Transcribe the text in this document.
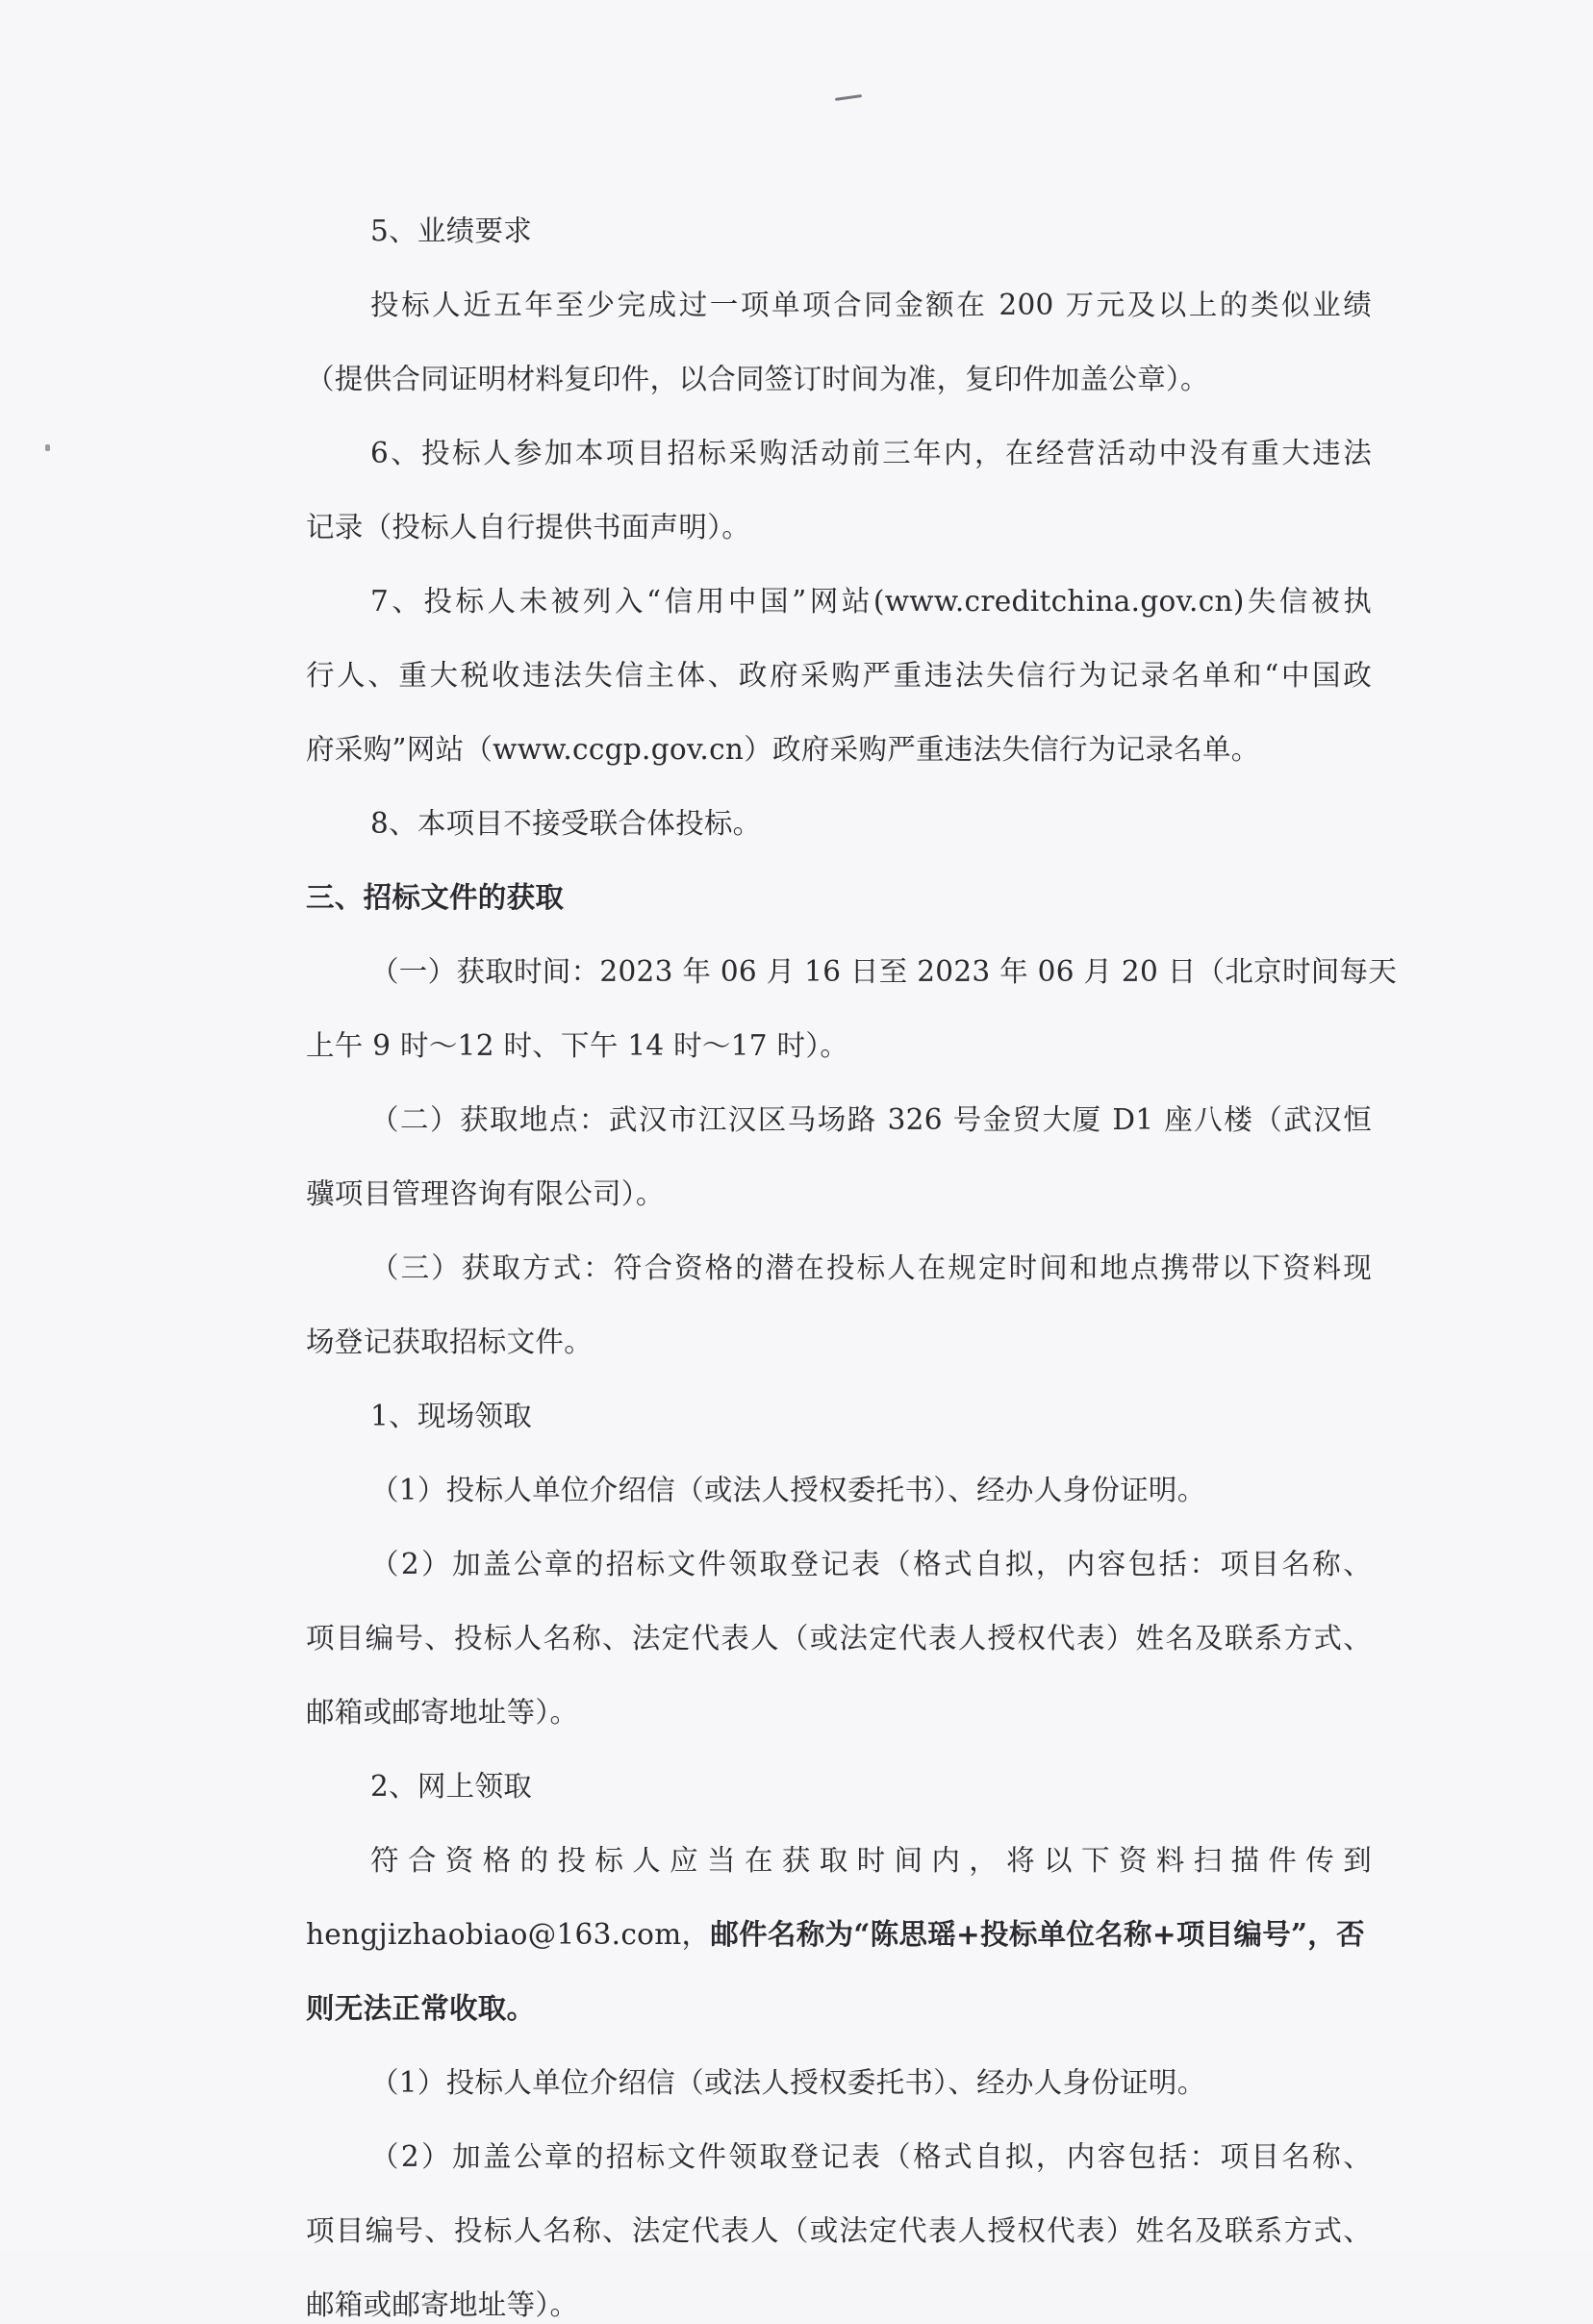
5、业绩要求
投标人近五年至少完成过一项单项合同金额在 200 万元及以上的类似业绩
（提供合同证明材料复印件，以合同签订时间为准，复印件加盖公章）。
6、投标人参加本项目招标采购活动前三年内，在经营活动中没有重大违法
记录（投标人自行提供书面声明）。
7、投标人未被列入“信用中国”网站(www.creditchina.gov.cn)失信被执
行人、重大税收违法失信主体、政府采购严重违法失信行为记录名单和“中国政
府采购”网站（www.ccgp.gov.cn）政府采购严重违法失信行为记录名单。
8、本项目不接受联合体投标。
三、招标文件的获取
（一）获取时间：2023 年 06 月 16 日至 2023 年 06 月 20 日（北京时间每天
上午 9 时～12 时、下午 14 时～17 时）。
（二）获取地点：武汉市江汉区马场路 326 号金贸大厦 D1 座八楼（武汉恒
骥项目管理咨询有限公司）。
（三）获取方式：符合资格的潜在投标人在规定时间和地点携带以下资料现
场登记获取招标文件。
1、现场领取
（1）投标人单位介绍信（或法人授权委托书）、经办人身份证明。
（2）加盖公章的招标文件领取登记表（格式自拟，内容包括：项目名称、
项目编号、投标人名称、法定代表人（或法定代表人授权代表）姓名及联系方式、
邮箱或邮寄地址等）。
2、网上领取
符合资格的投标人应当在获取时间内，将以下资料扫描件传到
hengjizhaobiao@163.com，邮件名称为“陈思瑶+投标单位名称+项目编号”，否
则无法正常收取。
（1）投标人单位介绍信（或法人授权委托书）、经办人身份证明。
（2）加盖公章的招标文件领取登记表（格式自拟，内容包括：项目名称、
项目编号、投标人名称、法定代表人（或法定代表人授权代表）姓名及联系方式、
邮箱或邮寄地址等）。
